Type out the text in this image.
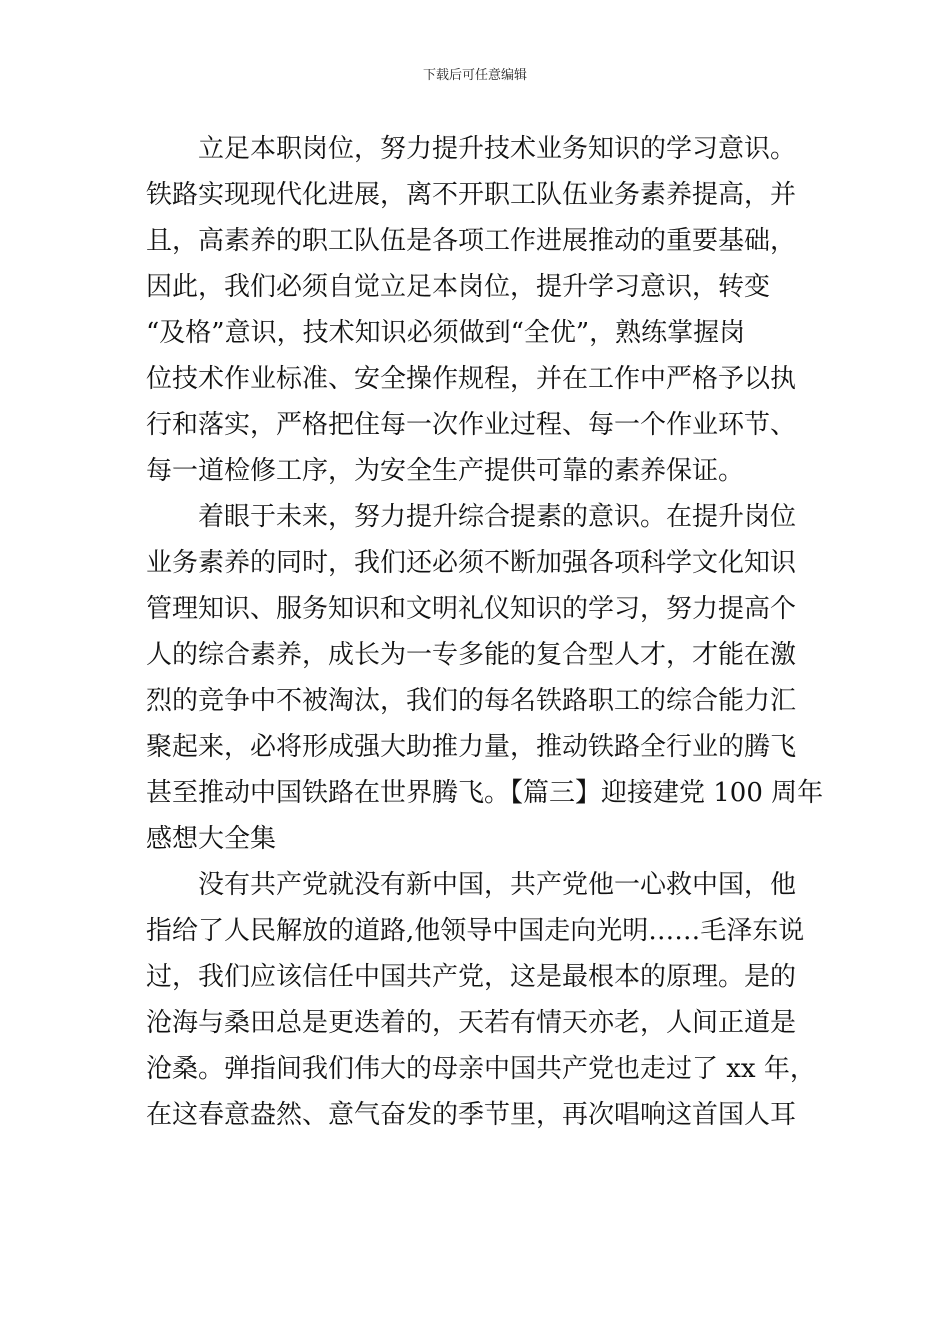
下载后可任意编辑
立足本职岗位，努力提升技术业务知识的学习意识。
铁路实现现代化进展，离不开职工队伍业务素养提高，并
且，高素养的职工队伍是各项工作进展推动的重要基础，
因此，我们必须自觉立足本岗位，提升学习意识，转变
“及格”意识，技术知识必须做到“全优”，熟练掌握岗
位技术作业标准、安全操作规程，并在工作中严格予以执
行和落实，严格把住每一次作业过程、每一个作业环节、
每一道检修工序，为安全生产提供可靠的素养保证。
着眼于未来，努力提升综合提素的意识。在提升岗位
业务素养的同时，我们还必须不断加强各项科学文化知识
管理知识、服务知识和文明礼仪知识的学习，努力提高个
人的综合素养，成长为一专多能的复合型人才，才能在激
烈的竞争中不被淘汰，我们的每名铁路职工的综合能力汇
聚起来，必将形成强大助推力量，推动铁路全行业的腾飞
甚至推动中国铁路在世界腾飞。【篇三】迎接建党 100 周年
感想大全集
没有共产党就没有新中国，共产党他一心救中国，他
指给了人民解放的道路,他领导中国走向光明……毛泽东说
过，我们应该信任中国共产党，这是最根本的原理。是的
沧海与桑田总是更迭着的，天若有情天亦老，人间正道是
沧桑。弹指间我们伟大的母亲中国共产党也走过了 xx 年，
在这春意盎然、意气奋发的季节里，再次唱响这首国人耳
